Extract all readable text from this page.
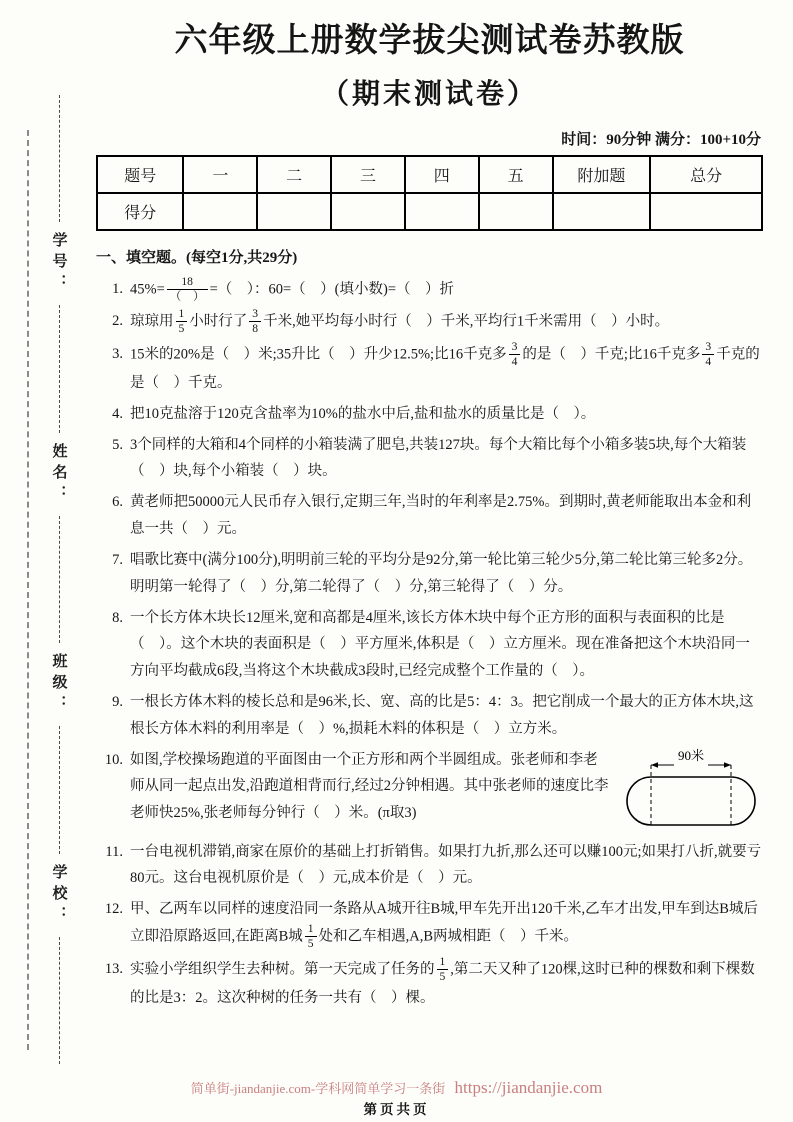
学号：
姓名：
班级：
学校：
六年级上册数学拔尖测试卷苏教版
（期末测试卷）
时间：90分钟 满分：100+10分
题号	一	二	三	四	五	附加题	总分
得分							
一、填空题。(每空1分,共29分)
1. $45\%= \frac{18}{( )}$ =（　）：60=（　）(填小数)=（　）折
2. 琼琼用 $\frac{1}{5}$ 小时行了 $\frac{3}{8}$ 千米,她平均每小时行（　）千米,平均行1千米需用（　）小时。
3. 15米的20%是（　）米;35升比（　）升少12.5%;比16千克多 $\frac{3}{4}$ 的是（　）千克;比16千克多 $\frac{3}{4}$ 千克的是（　）千克。
4. 把10克盐溶于120克含盐率为10%的盐水中后,盐和盐水的质量比是（　）。
5. 3个同样的大箱和4个同样的小箱装满了肥皂,共装127块。每个大箱比每个小箱多装5块,每个大箱装（　）块,每个小箱装（　）块。
6. 黄老师把50000元人民币存入银行,定期三年,当时的年利率是2.75%。到期时,黄老师能取出本金和利息一共（　）元。
7. 唱歌比赛中(满分100分),明明前三轮的平均分是92分,第一轮比第三轮少5分,第二轮比第三轮多2分。明明第一轮得了（　）分,第二轮得了（　）分,第三轮得了（　）分。
8. 一个长方体木块长12厘米,宽和高都是4厘米,该长方体木块中每个正方形的面积与表面积的比是（　）。这个木块的表面积是（　）平方厘米,体积是（　）立方厘米。现在准备把这个木块沿同一方向平均截成6段,当将这个木块截成3段时,已经完成整个工作量的（　）。
9. 一根长方体木料的棱长总和是96米,长、宽、高的比是5：4：3。把它削成一个最大的正方体木块,这根长方体木料的利用率是（　）%,损耗木料的体积是（　）立方米。
10.	90米
如图,学校操场跑道的平面图由一个正方形和两个半圆组成。张老师和李老师从同一起点出发,沿跑道相背而行,经过2分钟相遇。其中张老师的速度比李老师快25%,张老师每分钟行（　）米。(π取3)
11. 一台电视机滞销,商家在原价的基础上打折销售。如果打九折,那么还可以赚100元;如果打八折,就要亏80元。这台电视机原价是（　）元,成本价是（　）元。
12. 甲、乙两车以同样的速度沿同一条路从A城开往B城,甲车先开出120千米,乙车才出发,甲车到达B城后立即沿原路返回,在距离B城 $\frac{1}{5}$ 处和乙车相遇,A,B两城相距（　）千米。
13. 实验小学组织学生去种树。第一天完成了任务的 $\frac{1}{5}$ ,第二天又种了120棵,这时已种的棵数和剩下棵数的比是3：2。这次种树的任务一共有（　）棵。
简单街-jiandanjie.com-学科网简单学习一条街 https://jiandanjie.com
第页共页
